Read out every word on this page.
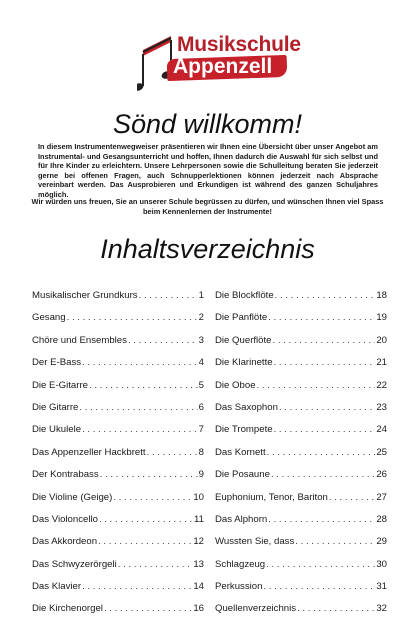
Musikschule
Appenzell
Sönd willkomm!
In diesem Instrumentenwegweiser präsentieren wir Ihnen eine Übersicht über unser Angebot am Instrumental- und Gesangsunterricht und hoffen, Ihnen dadurch die Auswahl für sich selbst und für Ihre Kinder zu erleichtern. Unsere Lehrpersonen sowie die Schulleitung beraten Sie jederzeit gerne bei offenen Fragen, auch Schnupperlektionen können jederzeit nach Absprache vereinbart werden. Das Ausprobieren und Erkundigen ist während des ganzen Schuljahres möglich.
Wir würden uns freuen, Sie an unserer Schule begrüssen zu dürfen, und wünschen Ihnen viel Spass beim Kennenlernen der Instrumente!
Inhaltsverzeichnis
Musikalischer Grundkurs . . .	1
Gesang . . .	2
Chöre und Ensembles . . .	3
Der E-Bass . . .	4
Die E-Gitarre . . .	5
Die Gitarre . . .	6
Die Ukulele . . .	7
Das Appenzeller Hackbrett . . .	8
Der Kontrabass . . .	9
Die Violine (Geige) . . .	10
Das Violoncello . . .	11
Das Akkordeon . . .	12
Das Schwyzerörgeli . . .	13
Das Klavier . . .	14
Die Kirchenorgel . . .	16
Die Blockflöte . . .	18
Die Panflöte . . .	19
Die Querflöte . . .	20
Die Klarinette . . .	21
Die Oboe . . .	22
Das Saxophon . . .	23
Die Trompete . . .	24
Das Kornett . . .	25
Die Posaune . . .	26
Euphonium, Tenor, Bariton . . .	27
Das Alphorn . . .	28
Wussten Sie, dass . . .	29
Schlagzeug . . .	30
Perkussion . . .	31
Quellenverzeichnis . . .	32
